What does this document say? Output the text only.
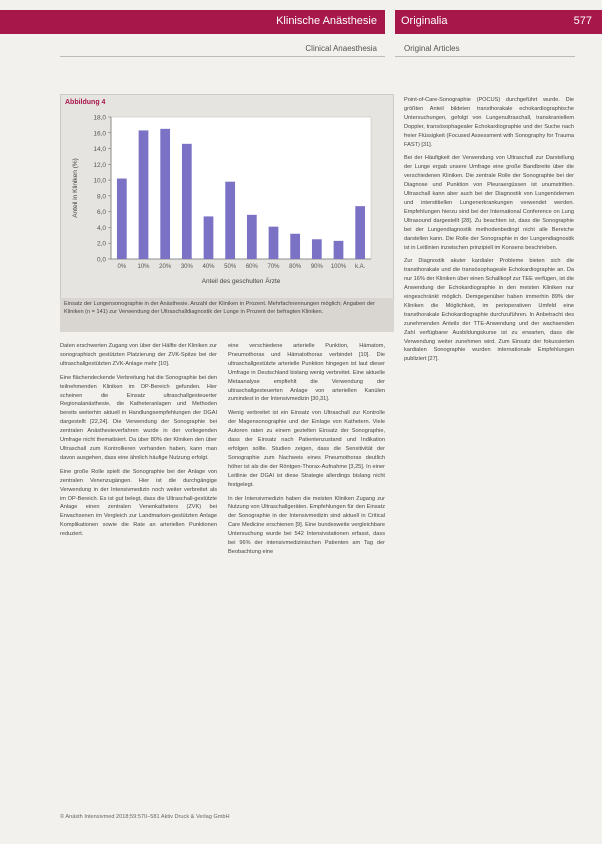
Klinische Anästhesie Originalia	577
Clinical Anaesthesia	Original Articles
Abbildung 4
0,0
2,0
4,0
6,0
8,0
10,0
12,0
14,0
16,0
18,0
0% 10% 20% 30% 40% 50% 60% 70% 80% 90% 100% k.A.
Anteil des geschulten Ärzte
Anteil in Kliniken (%)
Einsatz der Lungensonographie in der Anästhesie. Anzahl der Kliniken in Prozent. Mehrfachnennungen möglich; Angaben der Kliniken (n = 141) zur Verwendung der Ultraschalldiagnostik der Lunge in Prozent der befragten Kliniken.

Daten erschwerten Zugang von über der Hälfte der Kliniken zur sonographisch gestützten Platzierung der ZVK-Spitze bei der ultraschallgestützten ZVK-Anlage mehr [10].

Eine flächendeckende Verbreitung hat die Sonographie bei den teilnehmenden Kliniken im OP-Bereich gefunden. Hier scheinen die Einsatz ultraschallgesteuerter Regionalanästhesie, die Katheteranlagen und Methoden bereits weiterhin aktuell in Handlungsempfehlungen der DGAI dargestellt [22,24]. Die Verwendung der Sonographie bei zentralen Anästhesieverfahren wurde in der vorliegenden Umfrage nicht thematisiert. Da über 80% der Kliniken den über Ultraschall zum Kontrollieren vorhanden haben, kann man davon ausgehen, dass eine ähnlich häufige Nutzung erfolgt.

Eine große Rolle spielt die Sonographie bei der Anlage von zentralen Venenzugängen. Hier ist die durchgängige Verwendung in der Intensivmedizin noch weiter verbreitet als im OP-Bereich. Es ist gut belegt, dass die Ultraschall-gestützte Anlage einen zentralen Venenkatheters (ZVK) bei Erwachsenen im Vergleich zur Landmarken-gestützten Anlage Komplikationen sowie die Rate an arteriellen Punktionen reduziert.

eine verschiedene arterielle Punktion, Hämatom, Pneumothorax und Hämatothorax verbindet [10]. Die ultraschallgestützte arterielle Punktion hingegen ist laut dieser Umfrage in Deutschland bislang wenig verbreitet. Eine aktuelle Metaanalyse empfiehlt die Verwendung der ultraschallgesteuerten Anlage von arteriellen Kanülen zumindest in der Intensivmedizin [30,31].

Wenig verbreitet ist ein Einsatz von Ultraschall zur Kontrolle der Magensonographie und der Einlage von Kathetern. Viele Autoren raten zu einem gezielten Einsatz der Sonographie, dass der Einsatz nach Patientenzustand und Indikation erfolgen sollte. Studien zeigen, dass die Sensitivität der Sonographie zum Nachweis eines Pneumothorax deutlich höher ist als die der Röntgen-Thorax-Aufnahme [3,25]. In einer Leitlinie der DGAI ist diese Strategie allerdings bislang nicht festgelegt.

In der Intensivmedizin haben die meisten Kliniken Zugang zur Nutzung von Ultraschallgeräten. Empfehlungen für den Einsatz der Sonographie in der Intensivmedizin sind aktuell in Critical Care Medicine erschienen [9]. Eine bundesweite vergleichbare Untersuchung wurde bei 542 Intensivstationen erfasst, dass bei 96% der intensivmedizinischen Patienten am Tag der Beobachtung eine

Point-of-Care-Sonographie (POCUS) durchgeführt wurde. Die größten Anteil bildeten transthorakale echokardiographische Untersuchungen, gefolgt von Lungenultraschall, transkraniellem Doppler, transösophagealer Echokardiographie und der Suche nach freier Flüssigkeit (Focused Assessment with Sonography for Trauma FAST) [31].

Bei der Häufigkeit der Verwendung von Ultraschall zur Darstellung der Lunge ergab unsere Umfrage eine große Bandbreite über die verschiedenen Kliniken. Die zentrale Rolle der Sonographie bei der Diagnose und Punktion von Pleuraergüssen ist unumstritten. Ultraschall kann aber auch bei der Diagnostik von Lungenödemen und interstitiellen Lungenerkrankungen verwendet werden. Empfehlungen hierzu sind bei der International Conference on Lung Ultrasound dargestellt [28]. Zu beachten ist, dass die Sonographie bei der Lungendiagnostik methodenbedingt nicht alle Bereiche darstellen kann. Die Rolle der Sonographie in der Lungendiagnostik ist in Leitlinien inzwischen prinzipiell im Konsens beschrieben.

Zur Diagnostik akuter kardialer Probleme bieten sich die transthorakale und die transösophageale Echokardiographie an. Da nur 16% der Kliniken über einen Schallkopf zur TEE verfügen, ist die Anwendung der Echokardiographie in den meisten Kliniken nur eingeschränkt möglich. Demgegenüber haben immerhin 89% der Kliniken die Möglichkeit, im perioperativen Umfeld eine transthorakale Echokardiographie durchzuführen. In Anbetracht des zunehmenden Anteils der TTE-Anwendung und der wachsenden Zahl verfügbarer Ausbildungskurse ist zu erwarten, dass die Verwendung weiter zunehmen wird. Zum Einsatz der fokussierten kardialen Sonographie wurden internationale Empfehlungen publiziert [27].

© Anästh Intensivmed 2018;59:570–581 Aktiv Druck & Verlag GmbH
